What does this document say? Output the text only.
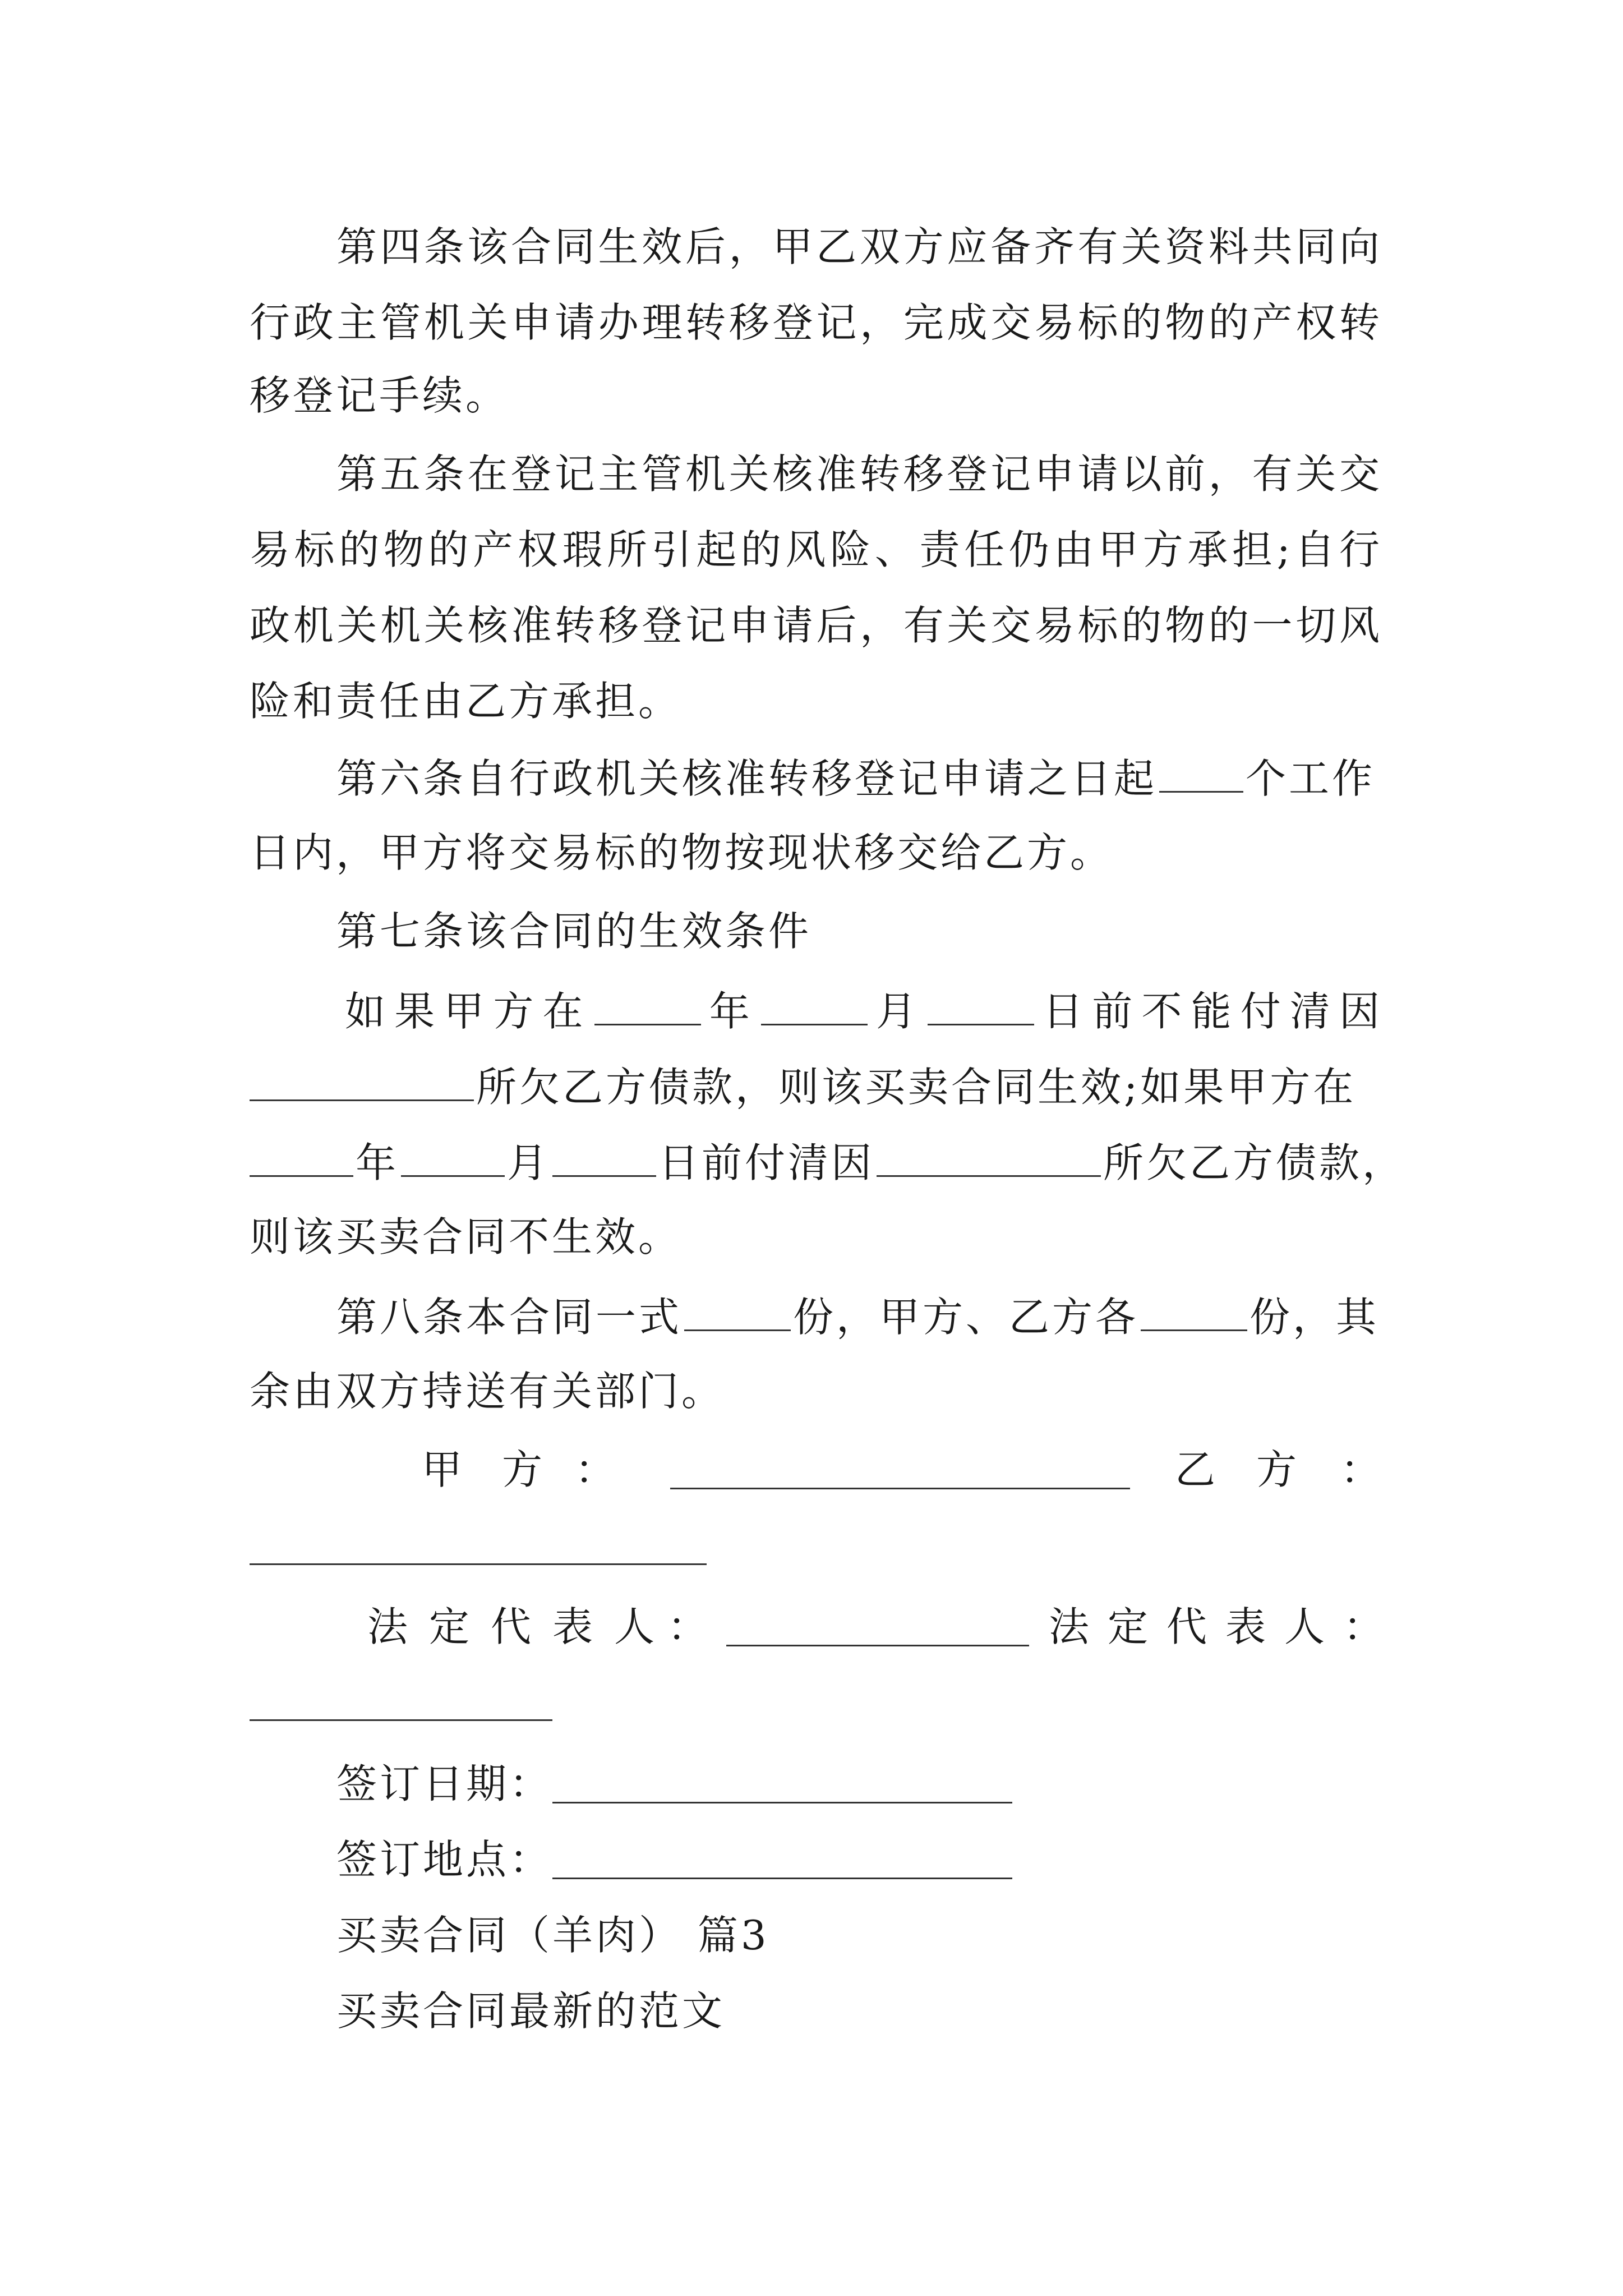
第四条该合同生效后，甲乙双方应备齐有关资料共同向
行政主管机关申请办理转移登记，完成交易标的物的产权转
移登记手续。
第五条在登记主管机关核准转移登记申请以前，有关交
易标的物的产权瑕所引起的风险、责任仍由甲方承担;自行
政机关机关核准转移登记申请后，有关交易标的物的一切风
险和责任由乙方承担。
第六条自行政机关核准转移登记申请之日起 个工作
日内，甲方将交易标的物按现状移交给乙方。
第七条该合同的生效条件
如果甲方在	年	月	日前不能付清因
所欠乙方债款，则该买卖合同生效;如果甲方在
年	月	日前付清因	所欠乙方债款，
则该买卖合同不生效。
第八条本合同一式	份，甲方、乙方各	份，其
余由双方持送有关部门。
甲 方 ：	乙 方 ：
法 定 代 表 人 ：	法 定 代 表 人 ：
签订日期：
签订地点：
买卖合同（羊肉） 篇3
买卖合同最新的范文
